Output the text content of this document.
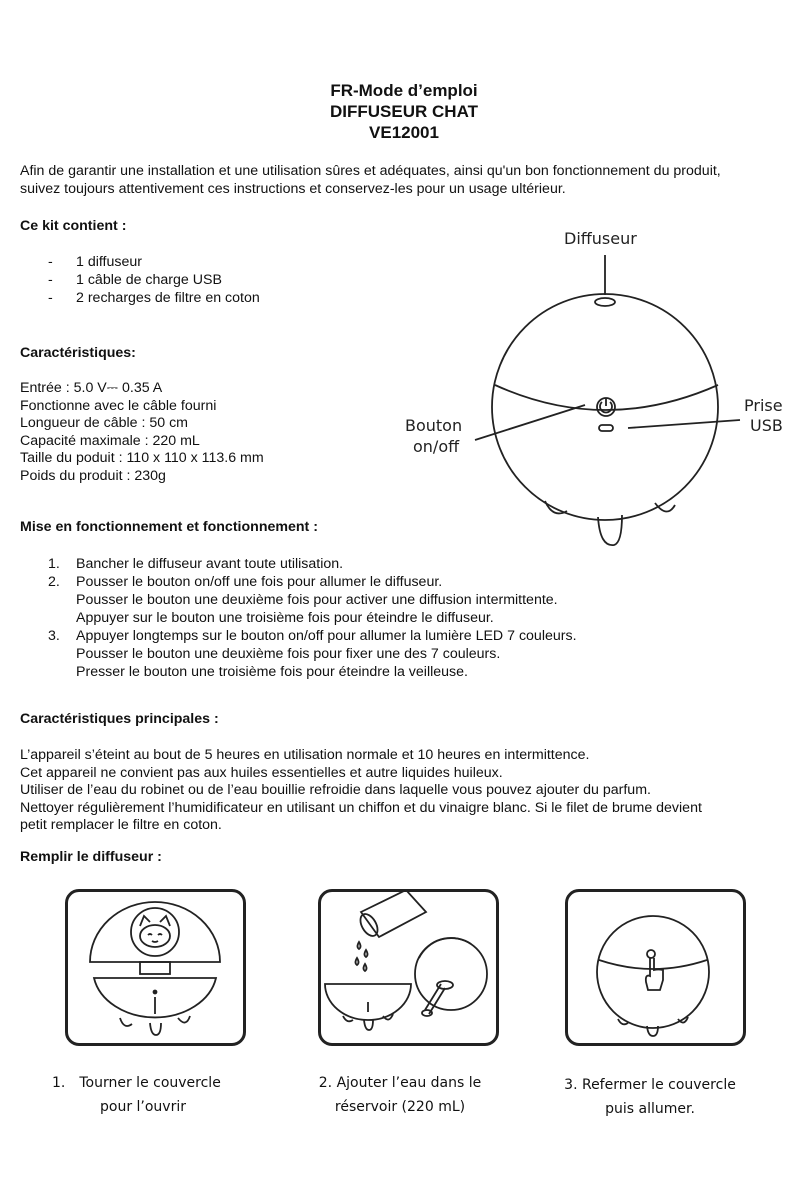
FR-Mode d’emploi
DIFFUSEUR CHAT
VE12001
Afin de garantir une installation et une utilisation sûres et adéquates, ainsi qu'un bon fonctionnement du produit,
suivez toujours attentivement ces instructions et conservez-les pour un usage ultérieur.
Ce kit contient :
- 1 diffuseur
- 1 câble de charge USB
- 2 recharges de filtre en coton
Caractéristiques:
Entrée : 5.0 V⎓ 0.35 A
Fonctionne avec le câble fourni
Longueur de câble : 50 cm
Capacité maximale : 220 mL
Taille du poduit : 110 x 110 x 113.6 mm
Poids du produit : 230g
Diffuseur
Bouton
on/off
Prise
USB
Mise en fonctionnement et fonctionnement :
1. Bancher le diffuseur avant toute utilisation.
2. Pousser le bouton on/off une fois pour allumer le diffuseur.
Pousser le bouton une deuxième fois pour activer une diffusion intermittente.
Appuyer sur le bouton une troisième fois pour éteindre le diffuseur.
3. Appuyer longtemps sur le bouton on/off pour allumer la lumière LED 7 couleurs.
Pousser le bouton une deuxième fois pour fixer une des 7 couleurs.
Presser le bouton une troisième fois pour éteindre la veilleuse.
Caractéristiques principales :
L’appareil s’éteint au bout de 5 heures en utilisation normale et 10 heures en intermittence.
Cet appareil ne convient pas aux huiles essentielles et autre liquides huileux.
Utiliser de l’eau du robinet ou de l’eau bouillie refroidie dans laquelle vous pouvez ajouter du parfum.
Nettoyer régulièrement l’humidificateur en utilisant un chiffon et du vinaigre blanc. Si le filet de brume devient
petit remplacer le filtre en coton.
Remplir le diffuseur :
1. Tourner le couvercle
pour l’ouvrir
2. Ajouter l’eau dans le
réservoir (220 mL)
3. Refermer le couvercle
puis allumer.
